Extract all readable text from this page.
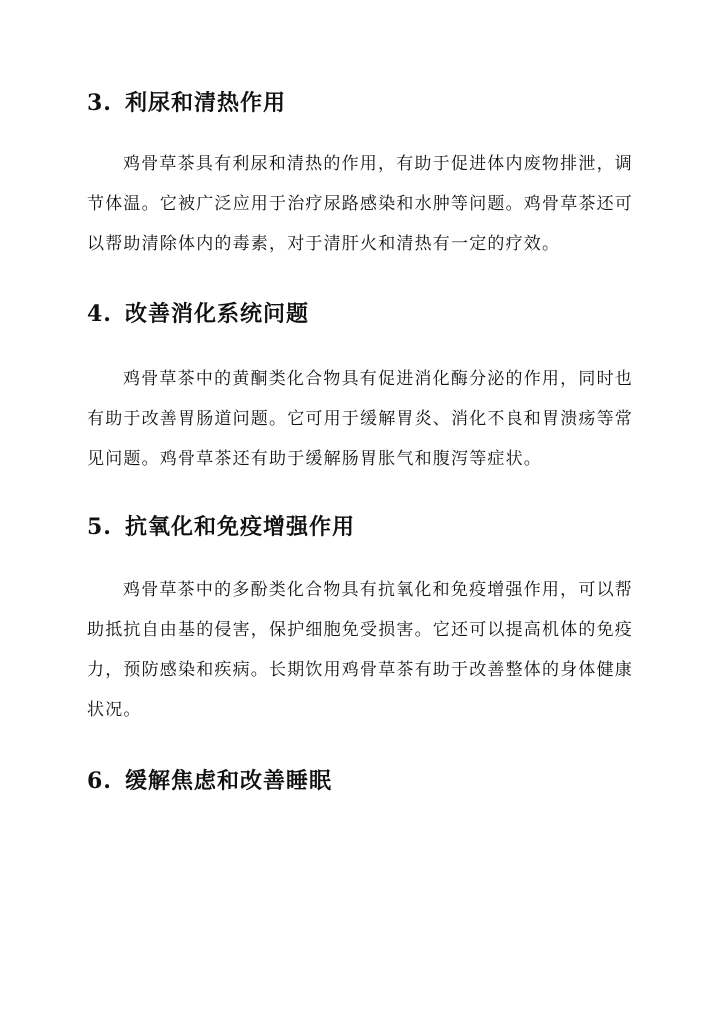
3. 利尿和清热作用

鸡骨草茶具有利尿和清热的作用，有助于促进体内废物排泄，调节体温。它被广泛应用于治疗尿路感染和水肿等问题。鸡骨草茶还可以帮助清除体内的毒素，对于清肝火和清热有一定的疗效。

4. 改善消化系统问题

鸡骨草茶中的黄酮类化合物具有促进消化酶分泌的作用，同时也有助于改善胃肠道问题。它可用于缓解胃炎、消化不良和胃溃疡等常见问题。鸡骨草茶还有助于缓解肠胃胀气和腹泻等症状。

5. 抗氧化和免疫增强作用

鸡骨草茶中的多酚类化合物具有抗氧化和免疫增强作用，可以帮助抵抗自由基的侵害，保护细胞免受损害。它还可以提高机体的免疫力，预防感染和疾病。长期饮用鸡骨草茶有助于改善整体的身体健康状况。

6. 缓解焦虑和改善睡眠
